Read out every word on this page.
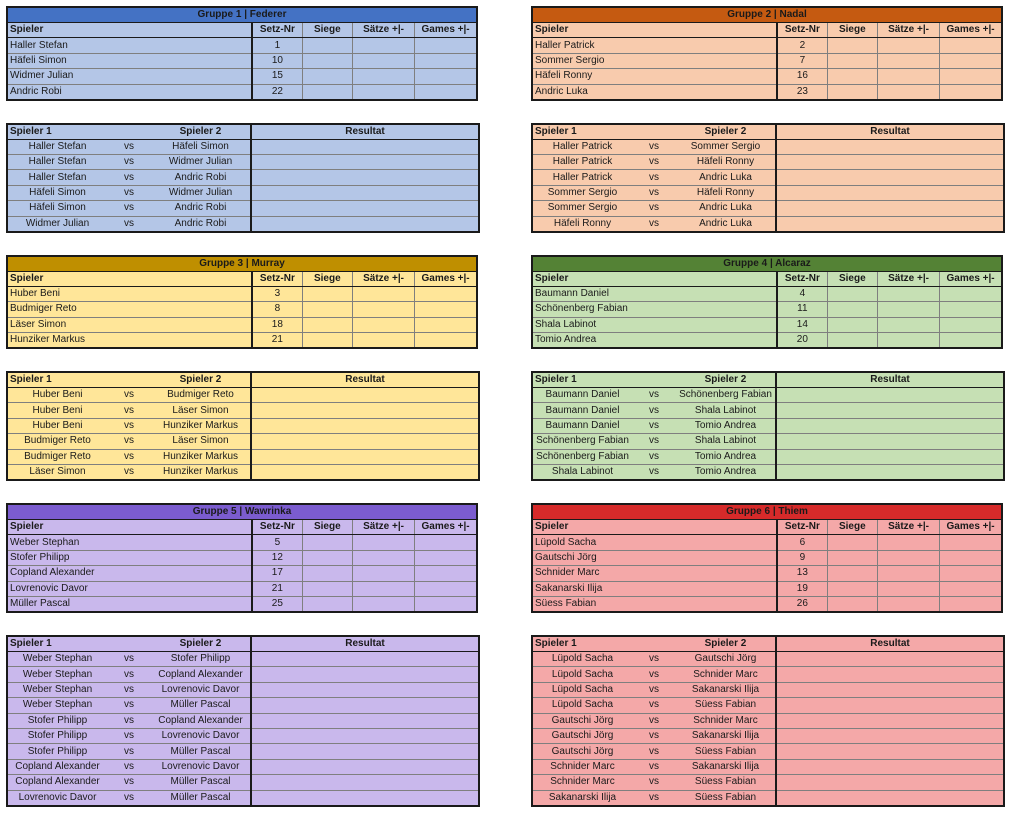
Gruppe 1 | Federer				
Spieler	Setz-Nr	Siege	Sätze +|-	Games +|-
Haller Stefan	1			
Häfeli Simon	10			
Widmer Julian	15			
Andric Robi	22			
Spieler 1		Spieler 2	Resultat
Haller Stefan	vs	Häfeli Simon	
Haller Stefan	vs	Widmer Julian	
Haller Stefan	vs	Andric Robi	
Häfeli Simon	vs	Widmer Julian	
Häfeli Simon	vs	Andric Robi	
Widmer Julian	vs	Andric Robi	
Gruppe 3 | Murray				
Spieler	Setz-Nr	Siege	Sätze +|-	Games +|-
Huber Beni	3			
Budmiger Reto	8			
Läser Simon	18			
Hunziker Markus	21			
Spieler 1		Spieler 2	Resultat
Huber Beni	vs	Budmiger Reto	
Huber Beni	vs	Läser Simon	
Huber Beni	vs	Hunziker Markus	
Budmiger Reto	vs	Läser Simon	
Budmiger Reto	vs	Hunziker Markus	
Läser Simon	vs	Hunziker Markus	
Gruppe 5 | Wawrinka				
Spieler	Setz-Nr	Siege	Sätze +|-	Games +|-
Weber Stephan	5			
Stofer Philipp	12			
Copland Alexander	17			
Lovrenovic Davor	21			
Müller Pascal	25			
Spieler 1		Spieler 2	Resultat
Weber Stephan	vs	Stofer Philipp	
Weber Stephan	vs	Copland Alexander	
Weber Stephan	vs	Lovrenovic Davor	
Weber Stephan	vs	Müller Pascal	
Stofer Philipp	vs	Copland Alexander	
Stofer Philipp	vs	Lovrenovic Davor	
Stofer Philipp	vs	Müller Pascal	
Copland Alexander	vs	Lovrenovic Davor	
Copland Alexander	vs	Müller Pascal	
Lovrenovic Davor	vs	Müller Pascal	
Gruppe 2 | Nadal				
Spieler	Setz-Nr	Siege	Sätze +|-	Games +|-
Haller Patrick	2			
Sommer Sergio	7			
Häfeli Ronny	16			
Andric Luka	23			
Spieler 1		Spieler 2	Resultat
Haller Patrick	vs	Sommer Sergio	
Haller Patrick	vs	Häfeli Ronny	
Haller Patrick	vs	Andric Luka	
Sommer Sergio	vs	Häfeli Ronny	
Sommer Sergio	vs	Andric Luka	
Häfeli Ronny	vs	Andric Luka	
Gruppe 4 | Alcaraz				
Spieler	Setz-Nr	Siege	Sätze +|-	Games +|-
Baumann Daniel	4			
Schönenberg Fabian	11			
Shala Labinot	14			
Tomio Andrea	20			
Spieler 1		Spieler 2	Resultat
Baumann Daniel	vs	Schönenberg Fabian	
Baumann Daniel	vs	Shala Labinot	
Baumann Daniel	vs	Tomio Andrea	
Schönenberg Fabian	vs	Shala Labinot	
Schönenberg Fabian	vs	Tomio Andrea	
Shala Labinot	vs	Tomio Andrea	
Gruppe 6 | Thiem				
Spieler	Setz-Nr	Siege	Sätze +|-	Games +|-
Lüpold Sacha	6			
Gautschi Jörg	9			
Schnider Marc	13			
Sakanarski Ilija	19			
Süess Fabian	26			
Spieler 1		Spieler 2	Resultat
Lüpold Sacha	vs	Gautschi Jörg	
Lüpold Sacha	vs	Schnider Marc	
Lüpold Sacha	vs	Sakanarski Ilija	
Lüpold Sacha	vs	Süess Fabian	
Gautschi Jörg	vs	Schnider Marc	
Gautschi Jörg	vs	Sakanarski Ilija	
Gautschi Jörg	vs	Süess Fabian	
Schnider Marc	vs	Sakanarski Ilija	
Schnider Marc	vs	Süess Fabian	
Sakanarski Ilija	vs	Süess Fabian	
